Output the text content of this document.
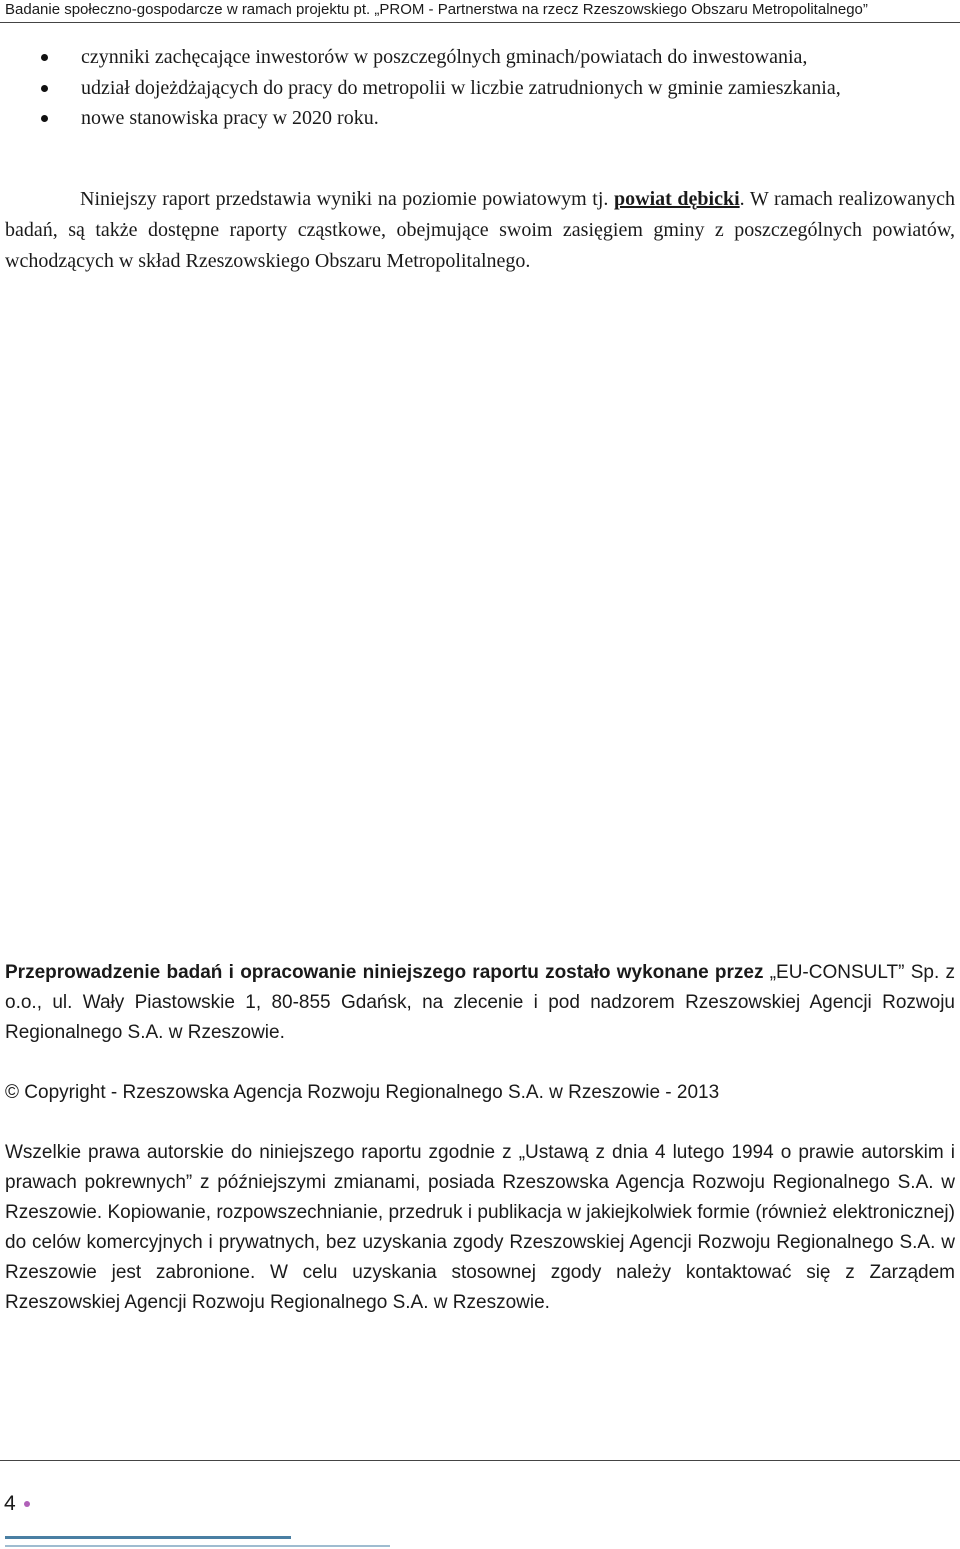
Badanie społeczno-gospodarcze w ramach projektu pt. „PROM - Partnerstwa na rzecz Rzeszowskiego Obszaru Metropolitalnego”
czynniki zachęcające inwestorów w poszczególnych gminach/powiatach do inwestowania,
udział dojeżdżających do pracy do metropolii w liczbie zatrudnionych w gminie zamieszkania,
nowe stanowiska pracy w 2020 roku.

Niniejszy raport przedstawia wyniki na poziomie powiatowym tj. powiat dębicki. W ramach realizowanych badań, są także dostępne raporty cząstkowe, obejmujące swoim zasięgiem gminy z poszczególnych powiatów, wchodzących w skład Rzeszowskiego Obszaru Metropolitalnego.

Przeprowadzenie badań i opracowanie niniejszego raportu zostało wykonane przez „EU-CONSULT” Sp. z o.o., ul. Wały Piastowskie 1, 80-855 Gdańsk, na zlecenie i pod nadzorem Rzeszowskiej Agencji Rozwoju Regionalnego S.A. w Rzeszowie.

© Copyright - Rzeszowska Agencja Rozwoju Regionalnego S.A. w Rzeszowie - 2013

Wszelkie prawa autorskie do niniejszego raportu zgodnie z „Ustawą z dnia 4 lutego 1994 o prawie autorskim i prawach pokrewnych” z późniejszymi zmianami, posiada Rzeszowska Agencja Rozwoju Regionalnego S.A. w Rzeszowie. Kopiowanie, rozpowszechnianie, przedruk i publikacja w jakiejkolwiek formie (również elektronicznej) do celów komercyjnych i prywatnych, bez uzyskania zgody Rzeszowskiej Agencji Rozwoju Regionalnego S.A. w Rzeszowie jest zabronione. W celu uzyskania stosownej zgody należy kontaktować się z Zarządem Rzeszowskiej Agencji Rozwoju Regionalnego S.A. w Rzeszowie.

4
